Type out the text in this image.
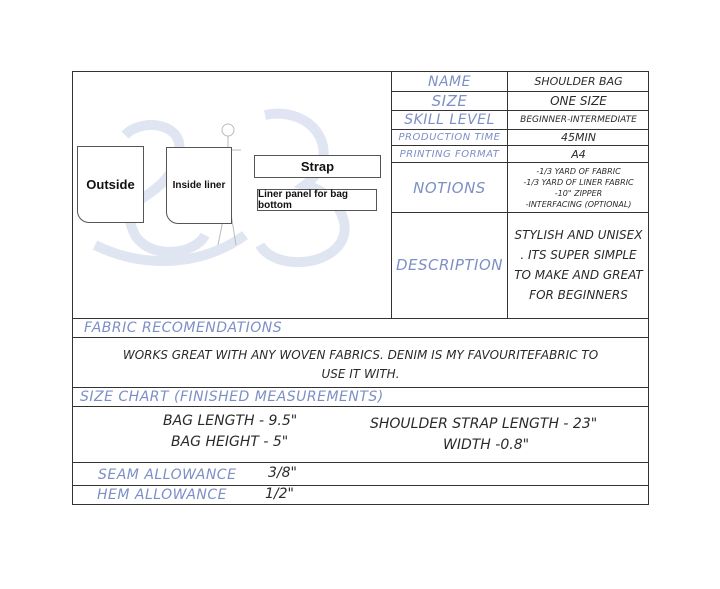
Outside	Inside liner
Strap
Liner panel for bag bottom
NAME	SHOULDER BAG
SIZE	ONE SIZE
SKILL LEVEL	BEGINNER-INTERMEDIATE
PRODUCTION TIME	45MIN
PRINTING FORMAT	A4
NOTIONS
-1/3 YARD OF FABRIC
-1/3 YARD OF LINER FABRIC
-10" ZIPPER
-INTERFACING (OPTIONAL)
DESCRIPTION
STYLISH AND UNISEX
. ITS SUPER SIMPLE
TO MAKE AND GREAT
FOR BEGINNERS
FABRIC RECOMENDATIONS
WORKS GREAT WITH ANY WOVEN FABRICS. DENIM IS MY FAVOURITEFABRIC TO
USE IT WITH.
SIZE CHART (FINISHED MEASUREMENTS)
BAG LENGTH - 9.5"
BAG HEIGHT - 5"
SHOULDER STRAP LENGTH - 23"
WIDTH -0.8"
SEAM ALLOWANCE 3/8"
HEM ALLOWANCE	1/2"
